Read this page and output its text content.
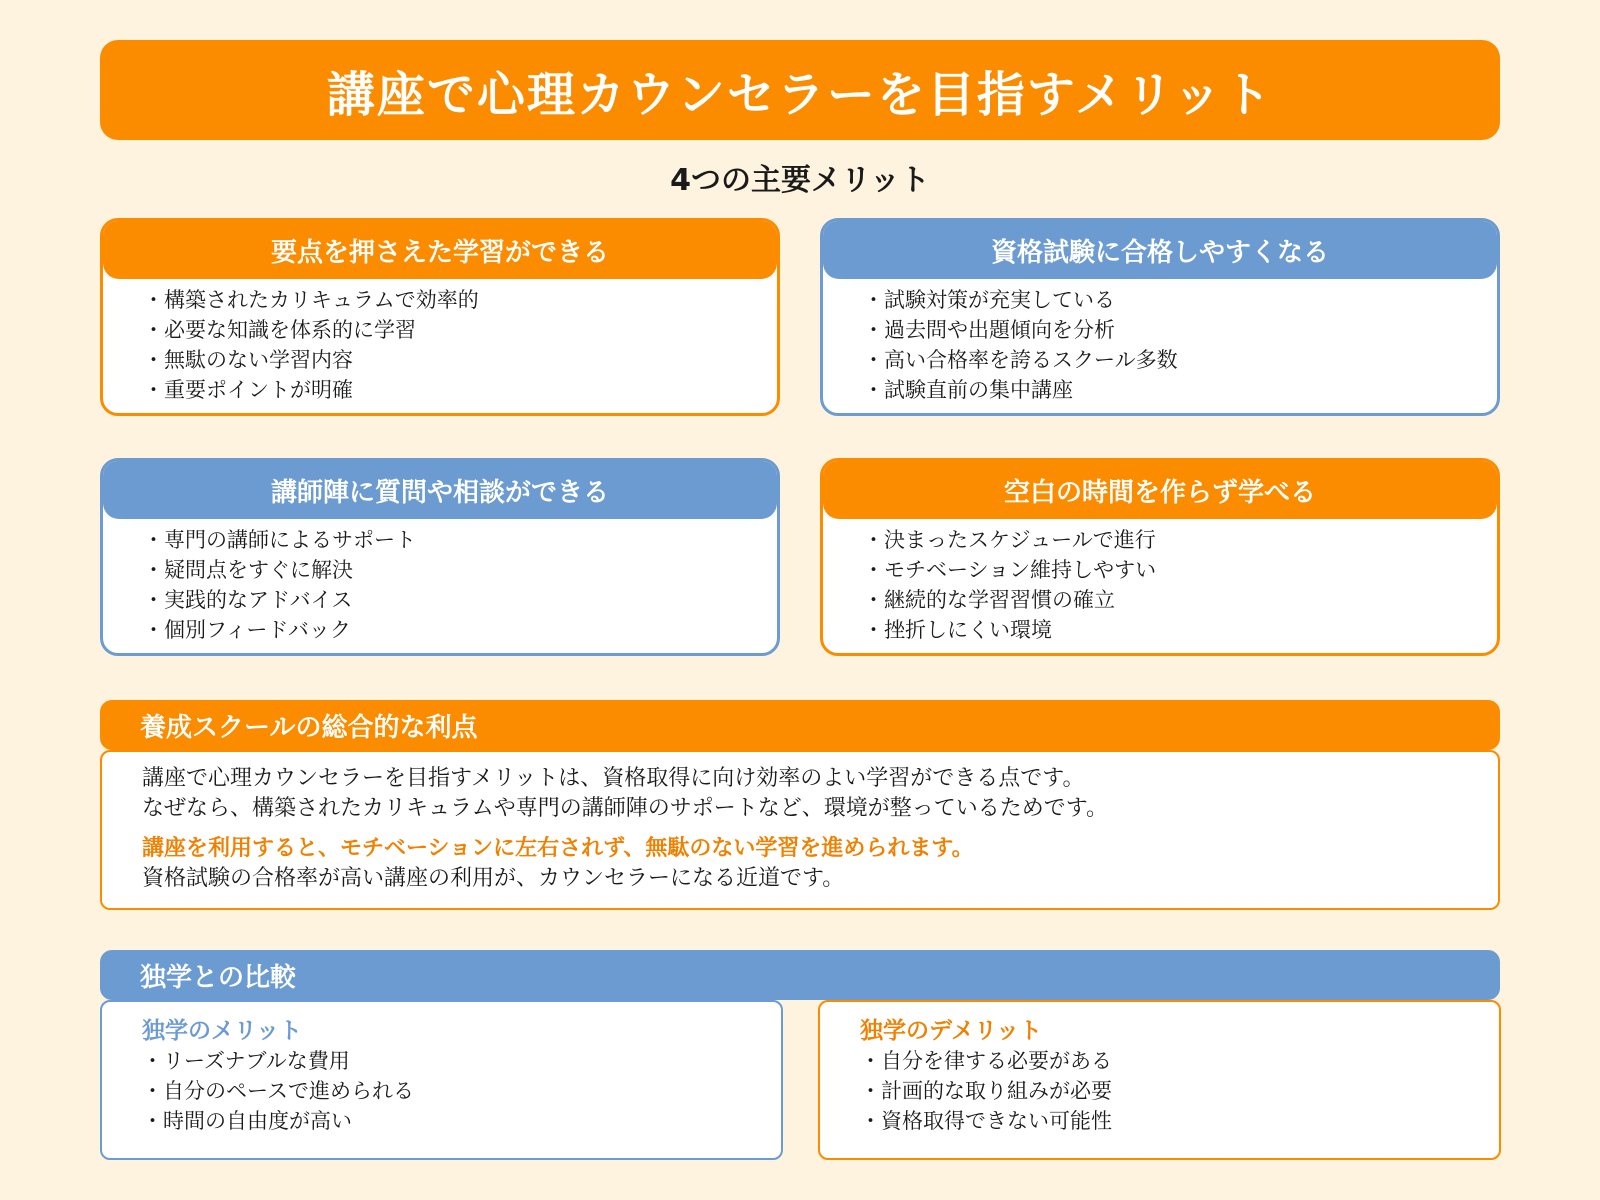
講座で心理カウンセラーを目指すメリット
4つの主要メリット
要点を押さえた学習ができる
・ 構築されたカリキュラムで効率的
・ 必要な知識を体系的に学習
・ 無駄のない学習内容
・ 重要ポイントが明確
資格試験に合格しやすくなる
・ 試験対策が充実している
・ 過去問や出題傾向を分析
・ 高い合格率を誇るスクール多数
・ 試験直前の集中講座
講師陣に質問や相談ができる
・ 専門の講師によるサポート
・ 疑問点をすぐに解決
・ 実践的なアドバイス
・ 個別フィードバック
空白の時間を作らず学べる
・ 決まったスケジュールで進行
・ モチベーション維持しやすい
・ 継続的な学習習慣の確立
・ 挫折しにくい環境
養成スクールの総合的な利点

講座で心理カウンセラーを目指すメリットは、資格取得に向け効率のよい学習ができる点です。

なぜなら、構築されたカリキュラムや専門の講師陣のサポートなど、環境が整っているためです。

講座を利用すると、モチベーションに左右されず、無駄のない学習を進められます。

資格試験の合格率が高い講座の利用が、カウンセラーになる近道です。

独学との比較
独学のメリット
・ リーズナブルな費用
・ 自分のペースで進められる
・ 時間の自由度が高い
独学のデメリット
・ 自分を律する必要がある
・ 計画的な取り組みが必要
・ 資格取得できない可能性
